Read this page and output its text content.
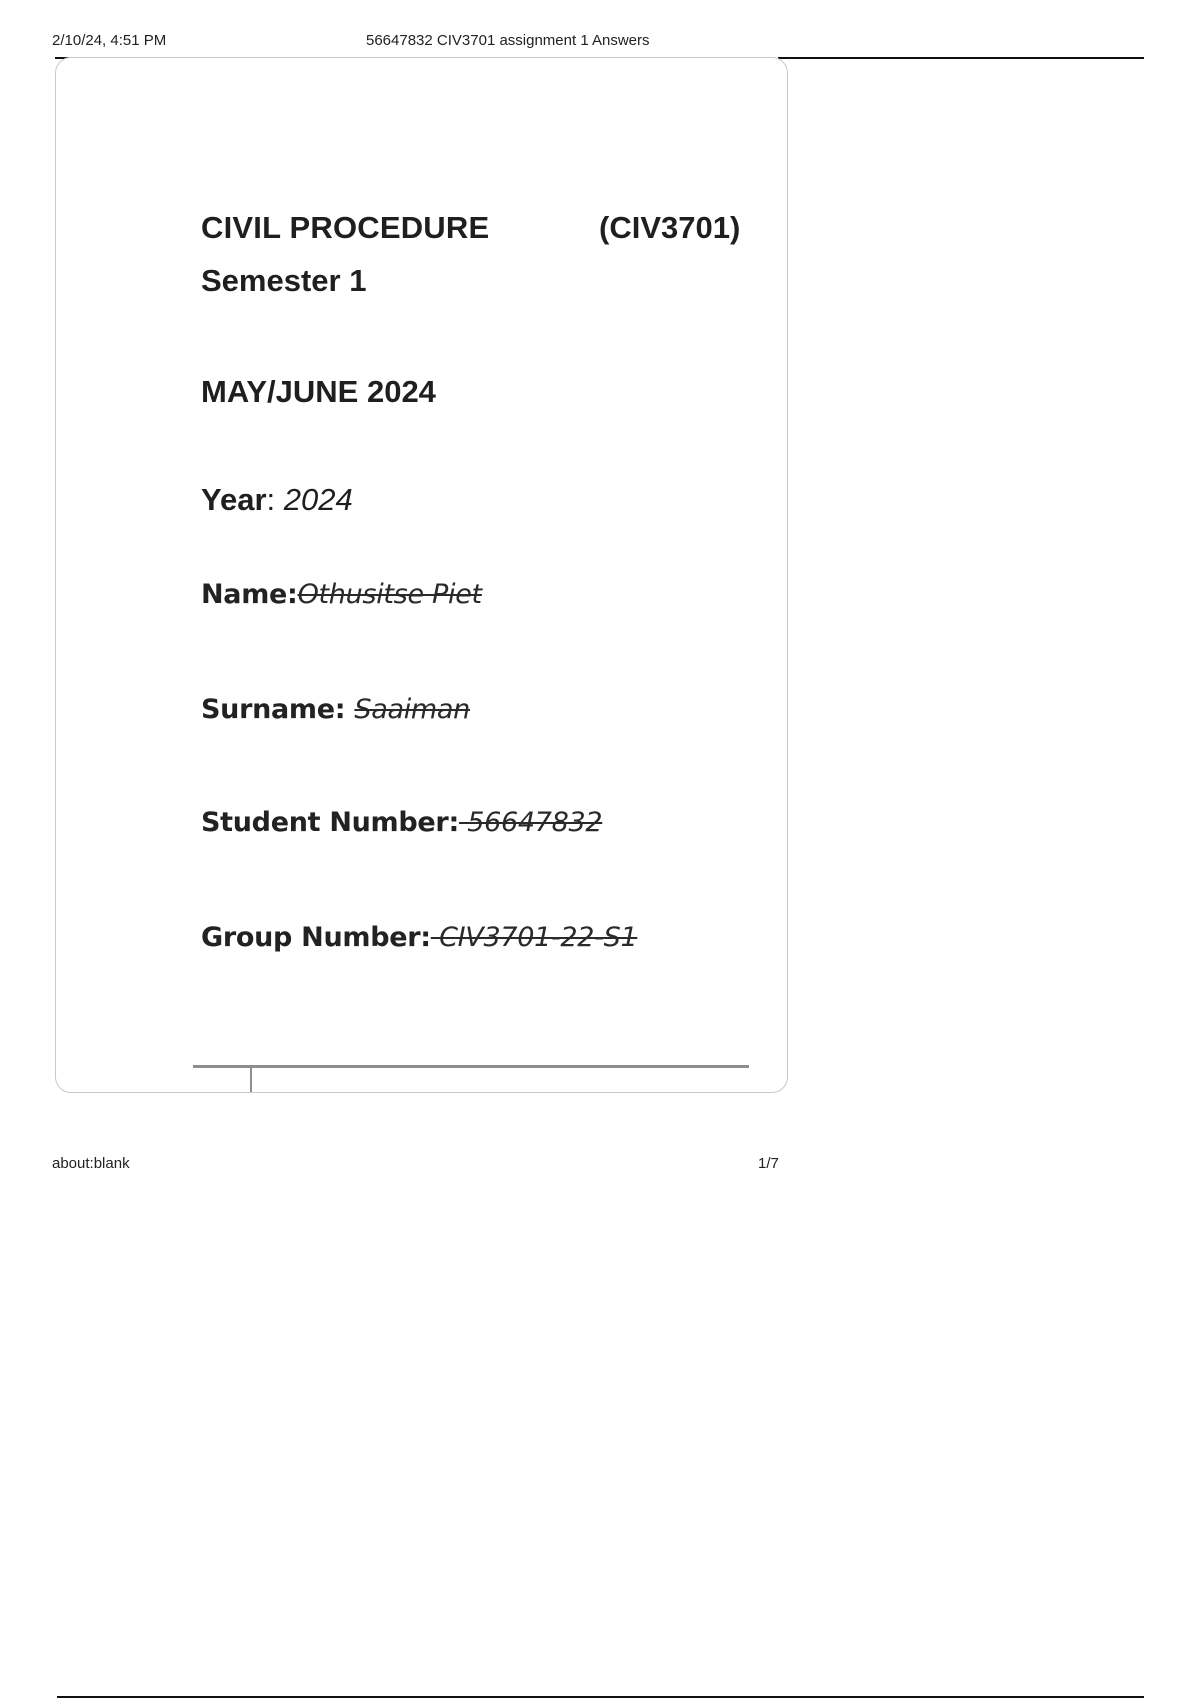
2/10/24, 4:51 PM	56647832 CIV3701 assignment 1 Answers
CIVIL PROCEDURE	(CIV3701)
Semester 1
MAY/JUNE 2024
Year: 2024
Name:Othusitse Piet
Surname: Saaiman
Student Number: 56647832
Group Number: CIV3701-22-S1
about:blank	1/7
